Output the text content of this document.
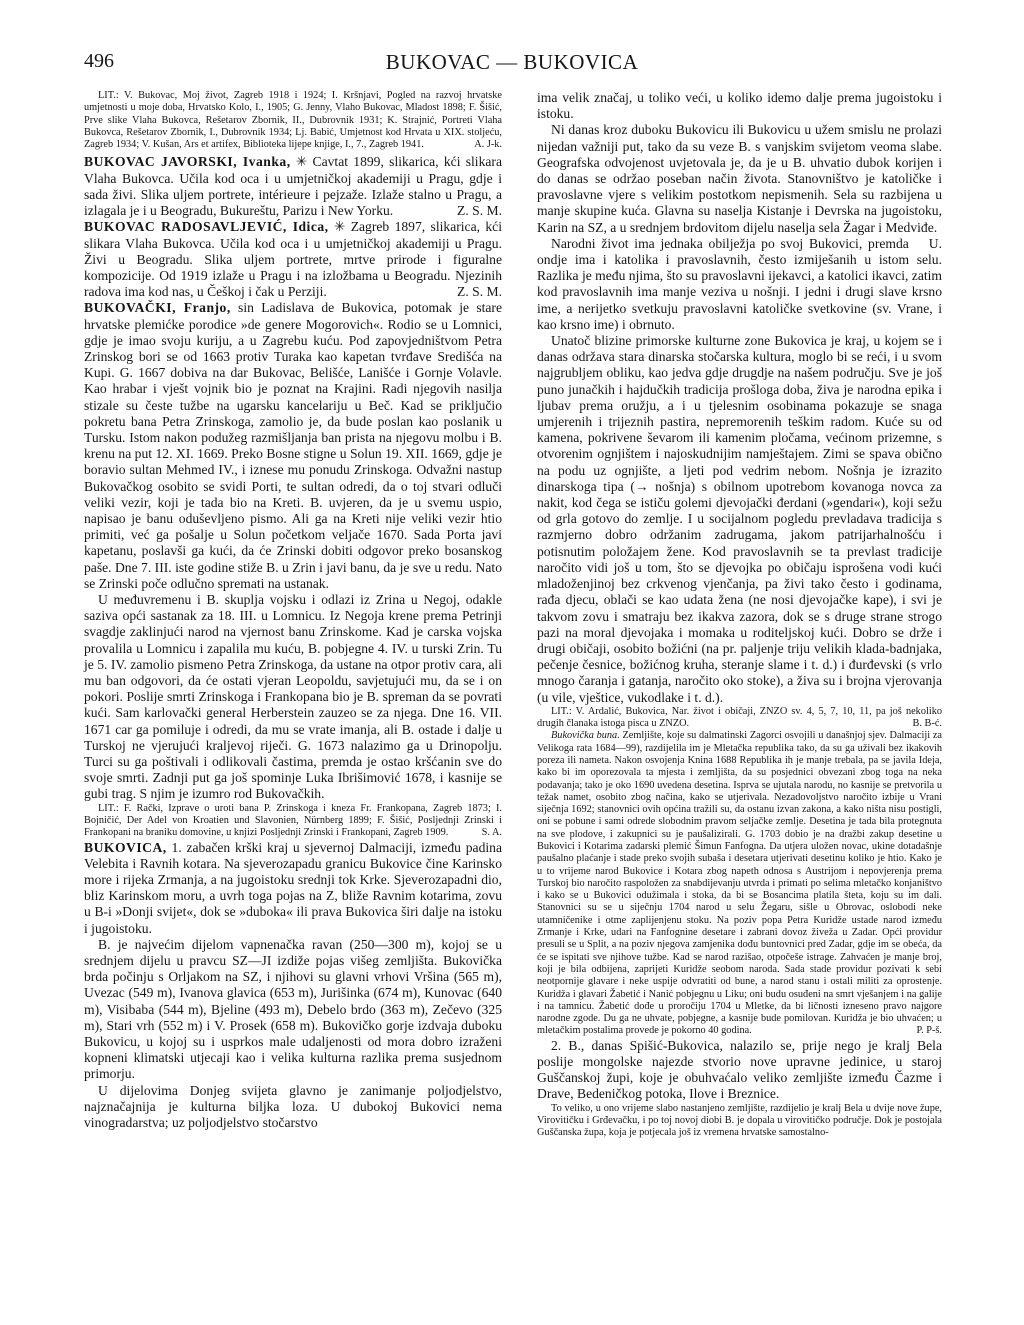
496	BUKOVAC — BUKOVICA

LIT.: V. Bukovac, Moj život, Zagreb 1918 i 1924; I. Kršnjavi, Pogled na razvoj hrvatske umjetnosti u moje doba, Hrvatsko Kolo, I., 1905; G. Jenny, Vlaho Bukovac, Mladost 1898; F. Šišić, Prve slike Vlaha Bukovca, Rešetarov Zbornik, II., Dubrovnik 1931; K. Strajnić, Portreti Vlaha Bukovca, Rešetarov Zbornik, I., Dubrovnik 1934; Lj. Babić, Umjetnost kod Hrvata u XIX. stoljeću, Zagreb 1934; V. Kušan, Ars et artifex, Biblioteka lijepe knjige, I., 7., Zagreb 1941.	A. J-k.

BUKOVAC JAVORSKI, Ivanka, ✳ Cavtat 1899, slikarica, kći slikara Vlaha Bukovca. Učila kod oca i u umjetničkoj akademiji u Pragu, gdje i sada živi. Slika uljem portrete, intérieure i pejzaže. Izlaže stalno u Pragu, a izlagala je i u Beogradu, Bukureštu, Parizu i New Yorku.	Z. S. M.

BUKOVAC RADOSAVLJEVIĆ, Idica, ✳ Zagreb 1897, slikarica, kći slikara Vlaha Bukovca. Učila kod oca i u umjetničkoj akademiji u Pragu. Živi u Beogradu. Slika uljem portrete, mrtve prirode i figuralne kompozicije. Od 1919 izlaže u Pragu i na izložbama u Beogradu. Njezinih radova ima kod nas, u Češkoj i čak u Perziji.	Z. S. M.

BUKOVAČKI, Franjo, sin Ladislava de Bukovica, potomak je stare hrvatske plemićke porodice »de genere Mogorovich«. Rodio se u Lomnici, gdje je imao svoju kuriju, a u Zagrebu kuću. Pod zapovjedništvom Petra Zrinskog bori se od 1663 protiv Turaka kao kapetan tvrđave Središća na Kupi. G. 1667 dobiva na dar Bukovac, Belišće, Lanišće i Gornje Volavle. Kao hrabar i vješt vojnik bio je poznat na Krajini. Radi njegovih nasilja stizale su česte tužbe na ugarsku kancelariju u Beč. Kad se priključio pokretu bana Petra Zrinskoga, zamolio je, da bude poslan kao poslanik u Tursku. Istom nakon podužeg razmišljanja ban prista na njegovu molbu i B. krenu na put 12. XI. 1669. Preko Bosne stigne u Solun 19. XII. 1669, gdje je boravio sultan Mehmed IV., i iznese mu ponudu Zrinskoga. Odvažni nastup Bukovačkog osobito se svidi Porti, te sultan odredi, da o toj stvari odluči veliki vezir, koji je tada bio na Kreti. B. uvjeren, da je u svemu uspio, napisao je banu oduševljeno pismo. Ali ga na Kreti nije veliki vezir htio primiti, već ga pošalje u Solun početkom veljače 1670. Sada Porta javi kapetanu, poslavši ga kući, da će Zrinski dobiti odgovor preko bosanskog paše. Dne 7. III. iste godine stiže B. u Zrin i javi banu, da je sve u redu. Nato se Zrinski poče odlučno spremati na ustanak.

U međuvremenu i B. skuplja vojsku i odlazi iz Zrina u Negoj, odakle saziva opći sastanak za 18. III. u Lomnicu. Iz Negoja krene prema Petrinji svagdje zaklinjući narod na vjernost banu Zrinskome. Kad je carska vojska provalila u Lomnicu i zapalila mu kuću, B. pobjegne 4. IV. u turski Zrin. Tu je 5. IV. zamolio pismeno Petra Zrinskoga, da ustane na otpor protiv cara, ali mu ban odgovori, da će ostati vjeran Leopoldu, savjetujući mu, da se i on pokori. Poslije smrti Zrinskoga i Frankopana bio je B. spreman da se povrati kući. Sam karlovački general Herberstein zauzeo se za njega. Dne 16. VII. 1671 car ga pomiluje i odredi, da mu se vrate imanja, ali B. ostade i dalje u Turskoj ne vjerujući kraljevoj riječi. G. 1673 nalazimo ga u Drinopolju. Turci su ga poštivali i odlikovali častima, premda je ostao kršćanin sve do svoje smrti. Zadnji put ga još spominje Luka Ibrišimović 1678, i kasnije se gubi trag. S njim je izumro rod Bukovačkih.

LIT.: F. Rački, Izprave o uroti bana P. Zrinskoga i kneza Fr. Frankopana, Zagreb 1873; I. Bojničić, Der Adel von Kroatien und Slavonien, Nürnberg 1899; F. Šišić, Posljednji Zrinski i Frankopani na braniku domovine, u knjizi Posljednji Zrinski i Frankopani, Zagreb 1909.	S. A.

BUKOVICA, 1. zabačen krški kraj u sjevernoj Dalmaciji, između padina Velebita i Ravnih kotara. Na sjeverozapadu granicu Bukovice čine Karinsko more i rijeka Zrmanja, a na jugoistoku srednji tok Krke. Sjeverozapadni dio, bliz Karinskom moru, a uvrh toga pojas na Z, bliže Ravnim kotarima, zovu u B-i »Donji svijet«, dok se »duboka« ili prava Bukovica širi dalje na istoku i jugoistoku.

B. je najvećim dijelom vapnenačka ravan (250—300 m), kojoj se u srednjem dijelu u pravcu SZ—JI izdiže pojas višeg zemljišta. Bukovička brda počinju s Orljakom na SZ, i njihovi su glavni vrhovi Vršina (565 m), Uvezac (549 m), Ivanova glavica (653 m), Jurišinka (674 m), Kunovac (640 m), Visibaba (544 m), Bjeline (493 m), Debelo brdo (363 m), Zečevo (325 m), Stari vrh (552 m) i V. Prosek (658 m). Bukovičko gorje izdvaja duboku Bukovicu, u kojoj su i usprkos male udaljenosti od mora dobro izraženi kopneni klimatski utjecaji kao i velika kulturna razlika prema susjednom primorju.

U dijelovima Donjeg svijeta glavno je zanimanje poljodjelstvo, najznačajnija je kulturna biljka loza. U dubokoj Bukovici nema vinogradarstva; uz poljodjelstvo stočarstvo

ima velik značaj, u toliko veći, u koliko idemo dalje prema jugoistoku i istoku.

Ni danas kroz duboku Bukovicu ili Bukovicu u užem smislu ne prolazi nijedan važniji put, tako da su veze B. s vanjskim svijetom veoma slabe. Geografska odvojenost uvjetovala je, da je u B. uhvatio dubok korijen i do danas se održao poseban način života. Stanovništvo je katoličke i pravoslavne vjere s velikim postotkom nepismenih. Sela su razbijena u manje skupine kuća. Glavna su naselja Kistanje i Devrska na jugoistoku, Karin na SZ, a u srednjem brdovitom dijelu naselja sela Žagar i Medviđe.
U.

Narodni život ima jednaka obilježja po svoj Bukovici, premda ondje ima i katolika i pravoslavnih, često izmiješanih u istom selu. Razlika je među njima, što su pravoslavni ijekavci, a katolici ikavci, zatim kod pravoslavnih ima manje veziva u nošnji. I jedni i drugi slave krsno ime, a nerijetko svetkuju pravoslavni katoličke svetkovine (sv. Vrane, i kao krsno ime) i obrnuto.

Unatoč blizine primorske kulturne zone Bukovica je kraj, u kojem se i danas održava stara dinarska stočarska kultura, moglo bi se reći, i u svom najgrubljem obliku, kao jedva gdje drugdje na našem području. Sve je još puno junačkih i hajdučkih tradicija prošloga doba, živa je narodna epika i ljubav prema oružju, a i u tjelesnim osobinama pokazuje se snaga umjerenih i trijeznih pastira, nepremorenih teškim radom. Kuće su od kamena, pokrivene ševarom ili kamenim pločama, većinom prizemne, s otvorenim ognjištem i najoskudnijim namještajem. Zimi se spava obično na podu uz ognjište, a ljeti pod vedrim nebom. Nošnja je izrazito dinarskoga tipa (→ nošnja) s obilnom upotrebom kovanoga novca za nakit, kod čega se ističu golemi djevojački đerdani (»gendari«), koji sežu od grla gotovo do zemlje. I u socijalnom pogledu prevladava tradicija s razmjerno dobro održanim zadrugama, jakom patrijarhalnošću i potisnutim položajem žene. Kod pravoslavnih se ta prevlast tradicije naročito vidi još u tom, što se djevojka po običaju isprošena vodi kući mladoženjinoj bez crkvenog vjenčanja, pa živi tako često i godinama, rađa djecu, oblači se kao udata žena (ne nosi djevojačke kape), i svi je takvom zovu i smatraju bez ikakva zazora, dok se s druge strane strogo pazi na moral djevojaka i momaka u roditeljskoj kući. Dobro se drže i drugi običaji, osobito božićni (na pr. paljenje triju velikih klada-badnjaka, pečenje česnice, božićnog kruha, steranje slame i t. d.) i đurđevski (s vrlo mnogo čaranja i gatanja, naročito oko stoke), a živa su i brojna vjerovanja (u vile, vještice, vukodlake i t. d.).

LIT.: V. Ardalić, Bukovica, Nar. život i običaji, ZNZO sv. 4, 5, 7, 10, 11, pa još nekoliko drugih članaka istoga pisca u ZNZO.	B. B-ć.

Bukovička buna. Zemljište, koje su dalmatinski Zagorci osvojili u današnjoj sjev. Dalmaciji za Velikoga rata 1684—99), razdijelila im je Mletačka republika tako, da su ga uživali bez ikakovih poreza ili nameta. Nakon osvojenja Knina 1688 Republika ih je manje trebala, pa se javila Ideja, kako bi im oporezovala ta mjesta i zemljišta, da su posjednici obvezani zbog toga na neka podavanja; tako je oko 1690 uvedena desetina. Isprva se ujutala narodu, no kasnije se pretvorila u težak namet, osobito zbog načina, kako se utjerivala. Nezadovoljstvo naročito izbije u Vrani siječnja 1692; stanovnici ovih općina tražili su, da ostanu izvan zakona, a kako ništa nisu postigli, oni se pobune i sami odrede slobodnim pravom seljačke zemlje. Desetina je tada bila protegnuta na sve plodove, i zakupnici su je paušalizirali. G. 1703 dobio je na dražbi zakup desetine u Bukovici i Kotarima zadarski plemić Šimun Fanfogna. Da utjera uložen novac, ukine dotadašnje paušalno plaćanje i stade preko svojih subaša i desetara utjerivati desetinu koliko je htio. Kako je u to vrijeme narod Bukovice i Kotara zbog napeth odnosa s Austrijom i nepovjerenja prema Turskoj bio naročito raspoložen za snabdijevanju utvrda i primati po selima mletačko konjaništvo i kako se u Bukovici odužimala i stoka, da bi se Bosancima platila šteta, koju su im dali. Stanovnici su se u siječnju 1704 narod u selu Žegaru, sišle u Obrovac, oslobodi neke utamničenike i otme zaplijenjenu stoku. Na poziv popa Petra Kuridže ustade narod između Zrmanje i Krke, udari na Fanfognine desetare i zabrani dovoz živeža u Zadar. Opći providur presuli se u Split, a na poziv njegova zamjenika dođu buntovnici pred Zadar, gdje im se obeća, da će se ispitati sve njihove tužbe. Kad se narod razišao, otpočeše istrage. Zahvaćen je manje broj, koji je bila odbijena, zaprijeti Kuridže seobom naroda. Sada stade providur pozivati k sebi neotpornije glavare i neke uspije odvratiti od bune, a narod stanu i ostali militi za oprostenje. Kuridža i glavari Žabetić i Nanić pobjegnu u Liku; oni budu osuđeni na smrt vješanjem i na galije i na tamnicu. Žabetić dođe u proročiju 1704 u Mletke, da bi ličnosti izneseno pravo najgore narodne zgode. Du ga ne uhvate, pobjegne, a kasnije bude pomilovan. Kuridža je bio uhvaćen; u mletačkim postalima provede je pokorno 40 godina.	P. P-š.

2. B., danas Spišić-Bukovica, nalazilo se, prije nego je kralj Bela poslije mongolske najezde stvorio nove upravne jedinice, u staroj Guščanskoj župi, koje je obuhvaćalo veliko zemljište između Čazme i Drave, Bedeničkog potoka, Ilove i Breznice.

To veliko, u ono vrijeme slabo nastanjeno zemljište, razdijelio je kralj Bela u dvije nove župe, Virovitičku i Grđevačku, i po toj novoj diobi B. je dopala u virovitičko područje. Dok je postojala Guščanska župa, koja je potjecala još iz vremena hrvatske samostalno-
